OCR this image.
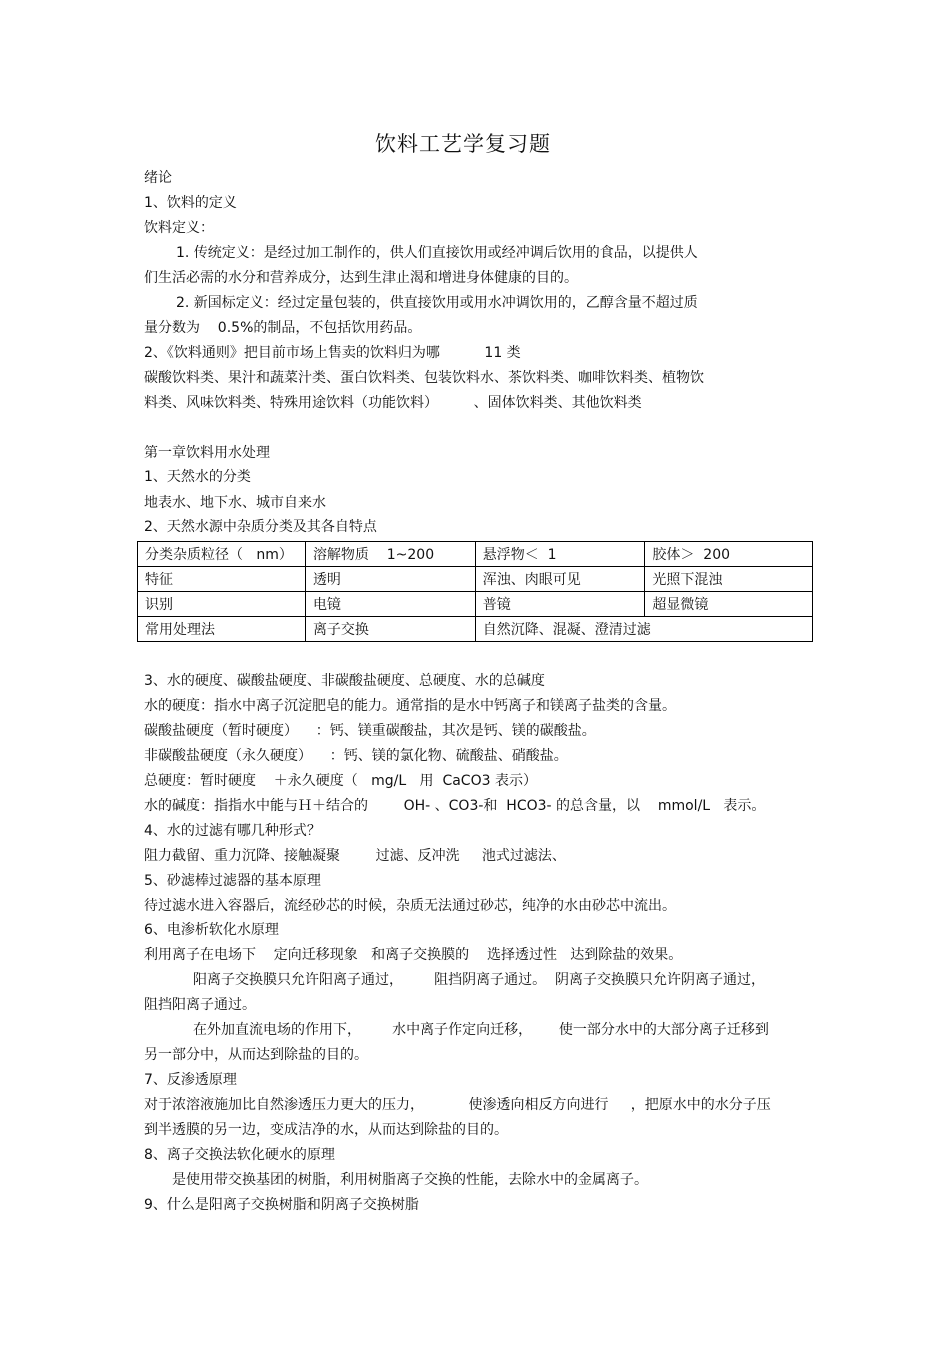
饮料工艺学复习题
绪论
1、饮料的定义
饮料定义：
1. 传统定义：是经过加工制作的，供人们直接饮用或经冲调后饮用的食品，以提供人
们生活必需的水分和营养成分，达到生津止渴和增进身体健康的目的。
2. 新国标定义：经过定量包装的，供直接饮用或用水冲调饮用的，乙醇含量不超过质
量分数为    0.5%的制品，不包括饮用药品。
2、《饮料通则》把目前市场上售卖的饮料归为哪          11 类
碳酸饮料类、果汁和蔬菜汁类、蛋白饮料类、包装饮料水、茶饮料类、咖啡饮料类、植物饮
料类、风味饮料类、特殊用途饮料（功能饮料）        、固体饮料类、其他饮料类
第一章饮料用水处理
1、天然水的分类
地表水、地下水、城市自来水
2、天然水源中杂质分类及其各自特点
分类杂质粒径（   nm）	溶解物质    1~200	悬浮物＜  1	胶体＞  200
特征	透明	浑浊、肉眼可见	光照下混浊
识别	电镜	普镜	超显微镜
常用处理法	离子交换	自然沉降、混凝、澄清过滤	
3、水的硬度、碳酸盐硬度、非碳酸盐硬度、总硬度、水的总碱度
水的硬度：指水中离子沉淀肥皂的能力。通常指的是水中钙离子和镁离子盐类的含量。
碳酸盐硬度（暂时硬度）    ：钙、镁重碳酸盐，其次是钙、镁的碳酸盐。
非碳酸盐硬度（永久硬度）    ：钙、镁的氯化物、硫酸盐、硝酸盐。
总硬度：暂时硬度    ＋永久硬度（   mg/L   用  CaCO3 表示）
水的碱度：指指水中能与Ｈ＋结合的        OH- 、CO3-和  HCO3- 的总含量，以    mmol/L   表示。
4、水的过滤有哪几种形式？
阻力截留、重力沉降、接触凝聚        过滤、反冲洗     池式过滤法、
5、砂滤棒过滤器的基本原理
待过滤水进入容器后，流经砂芯的时候，杂质无法通过砂芯，纯净的水由砂芯中流出。
6、电渗析软化水原理
利用离子在电场下    定向迁移现象   和离子交换膜的    选择透过性   达到除盐的效果。
阳离子交换膜只允许阳离子通过，       阻挡阴离子通过。  阴离子交换膜只允许阴离子通过，
阻挡阳离子通过。
在外加直流电场的作用下，       水中离子作定向迁移，      使一部分水中的大部分离子迁移到
另一部分中，从而达到除盐的目的。
7、反渗透原理
对于浓溶液施加比自然渗透压力更大的压力，          使渗透向相反方向进行     ，把原水中的水分子压
到半透膜的另一边，变成洁净的水，从而达到除盐的目的。
8、离子交换法软化硬水的原理
是使用带交换基团的树脂，利用树脂离子交换的性能，去除水中的金属离子。
9、什么是阳离子交换树脂和阴离子交换树脂
